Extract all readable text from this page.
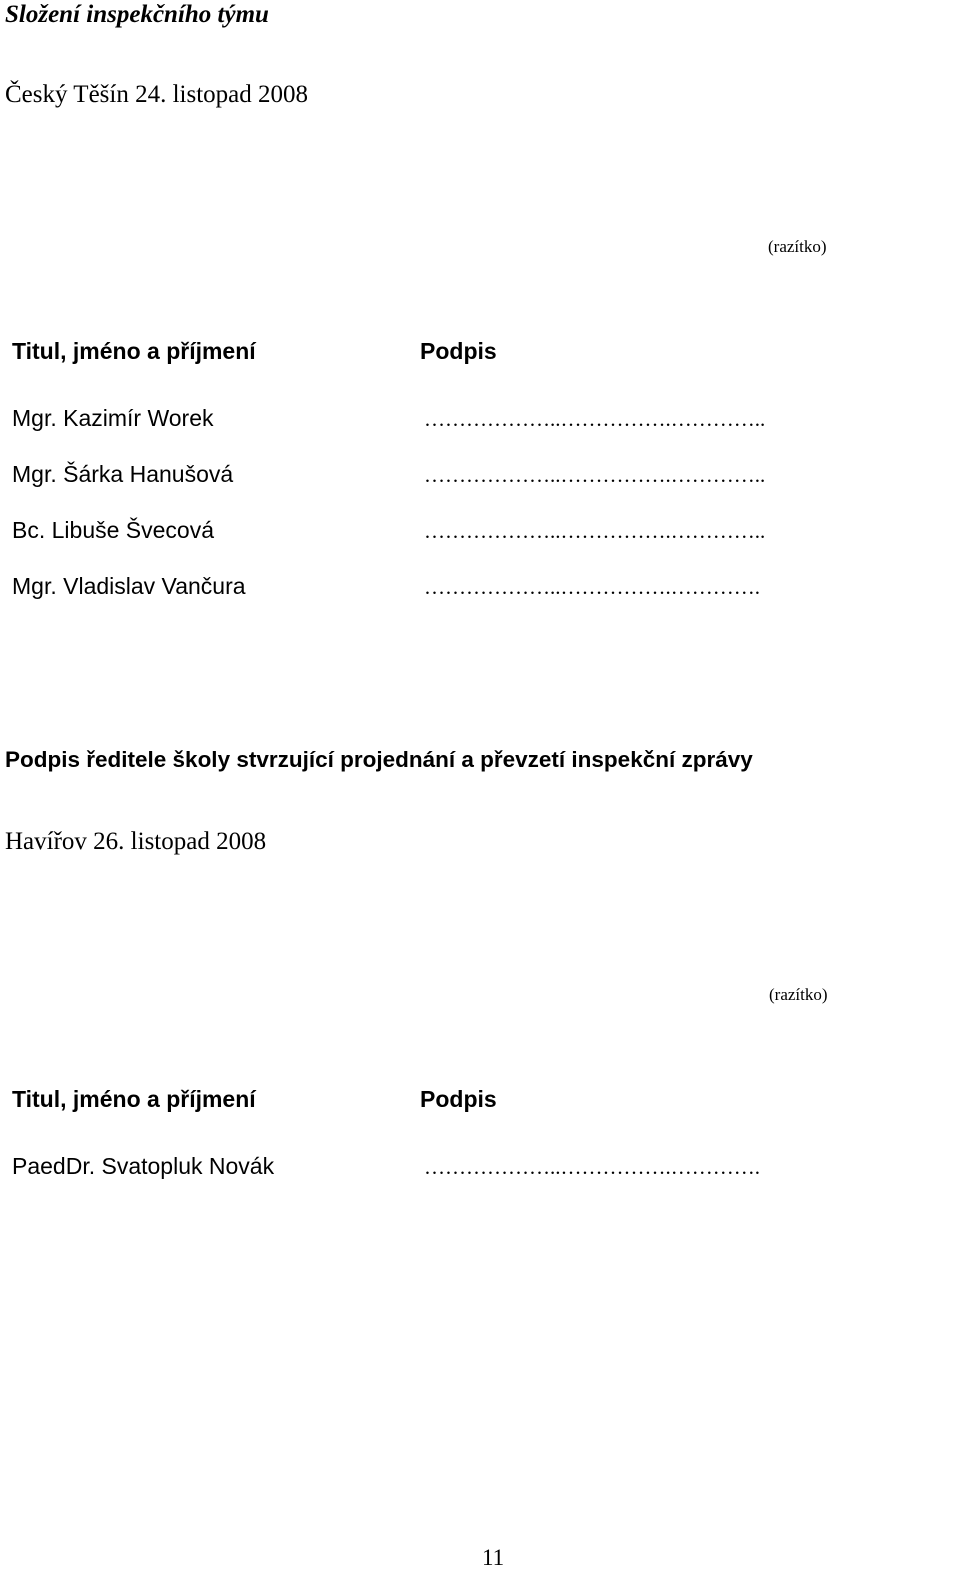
Složení inspekčního týmu
Český Těšín 24. listopad 2008
(razítko)
Titul, jméno a příjmení	Podpis
Mgr. Kazimír Worek	………………..…………….…………..
Mgr. Šárka Hanušová	………………..…………….…………..
Bc. Libuše Švecová	………………..…………….…………..
Mgr. Vladislav Vančura	………………..…………….………….
Podpis ředitele školy stvrzující projednání a převzetí inspekční zprávy
Havířov 26. listopad 2008
(razítko)
Titul, jméno a příjmení	Podpis
PaedDr. Svatopluk Novák	………………..…………….………….
11
